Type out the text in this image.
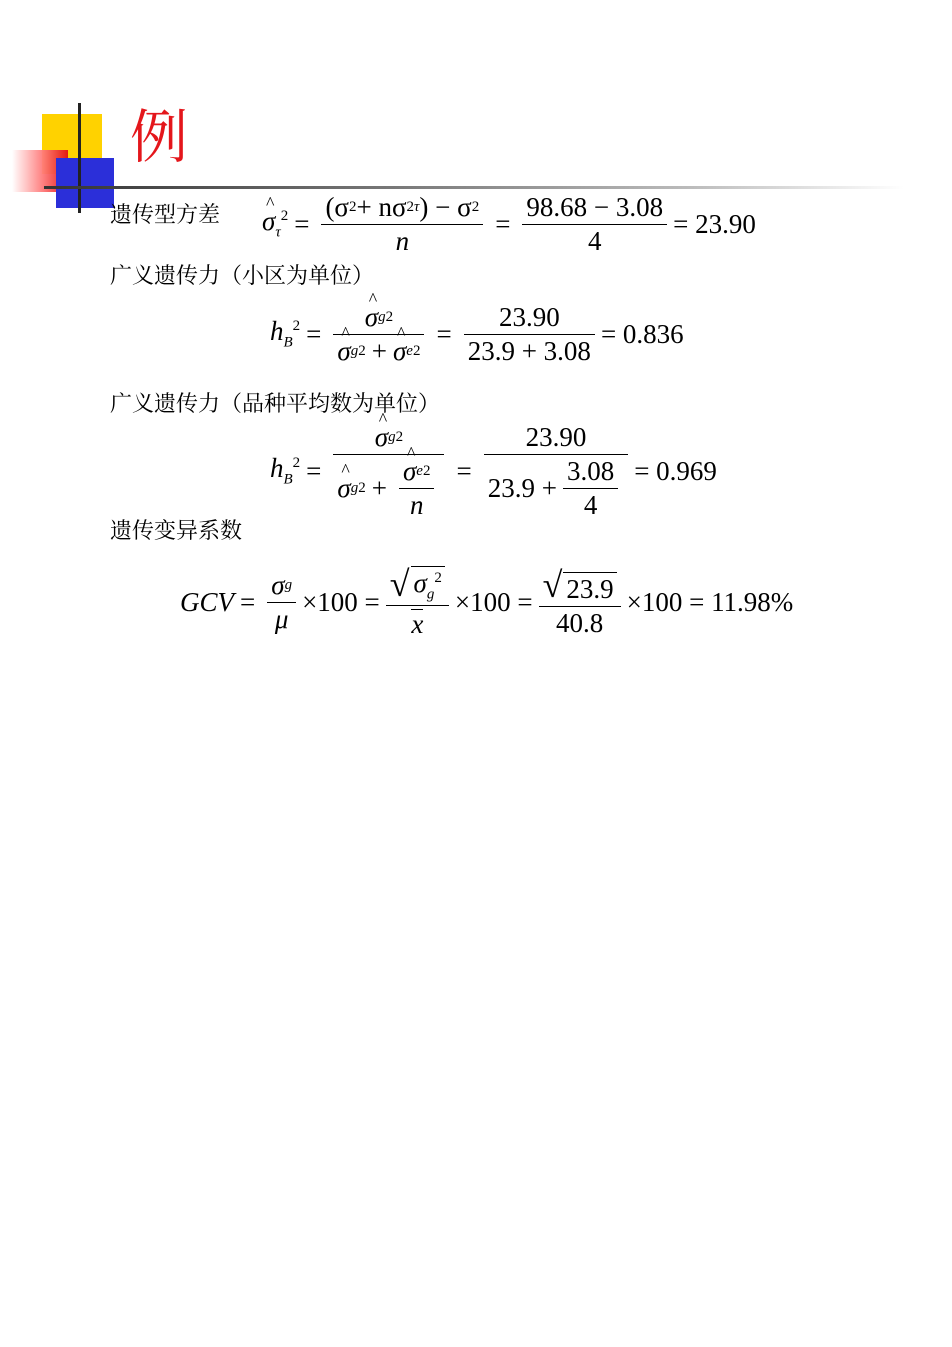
例
遗传型方差 ^ $\sigma_\tau^2 = \frac{(\sigma 2 + n\sigma 2 \tau ) - \sigma 2}{n} = \frac{98.68 - 3.08}{4} = 23.90$
广义遗传力（小区为单位）
$h_B^2$ = ^ σ g 2
^ σ g 2 + ^ σ e $2 = \frac{23.90}{23.9 + 3.08} = 0.836$
广义遗传力（品种平均数为单位）
$h_B^2$ = ^ σ g 2
^ σ g 2 + ^ $\frac{\text{σ e 2}}{n} = \frac{23.90}{23.9 + \frac{3.08}{4}} = 0.969$
遗传变异系数
GCV = $\frac{\text{σ g}}{\mu} \times 100 = \frac{√ \sigma_g^2}{x} \times 100 = \frac{√ 23.9}{40.8} \times 100 = 11.98\%$
